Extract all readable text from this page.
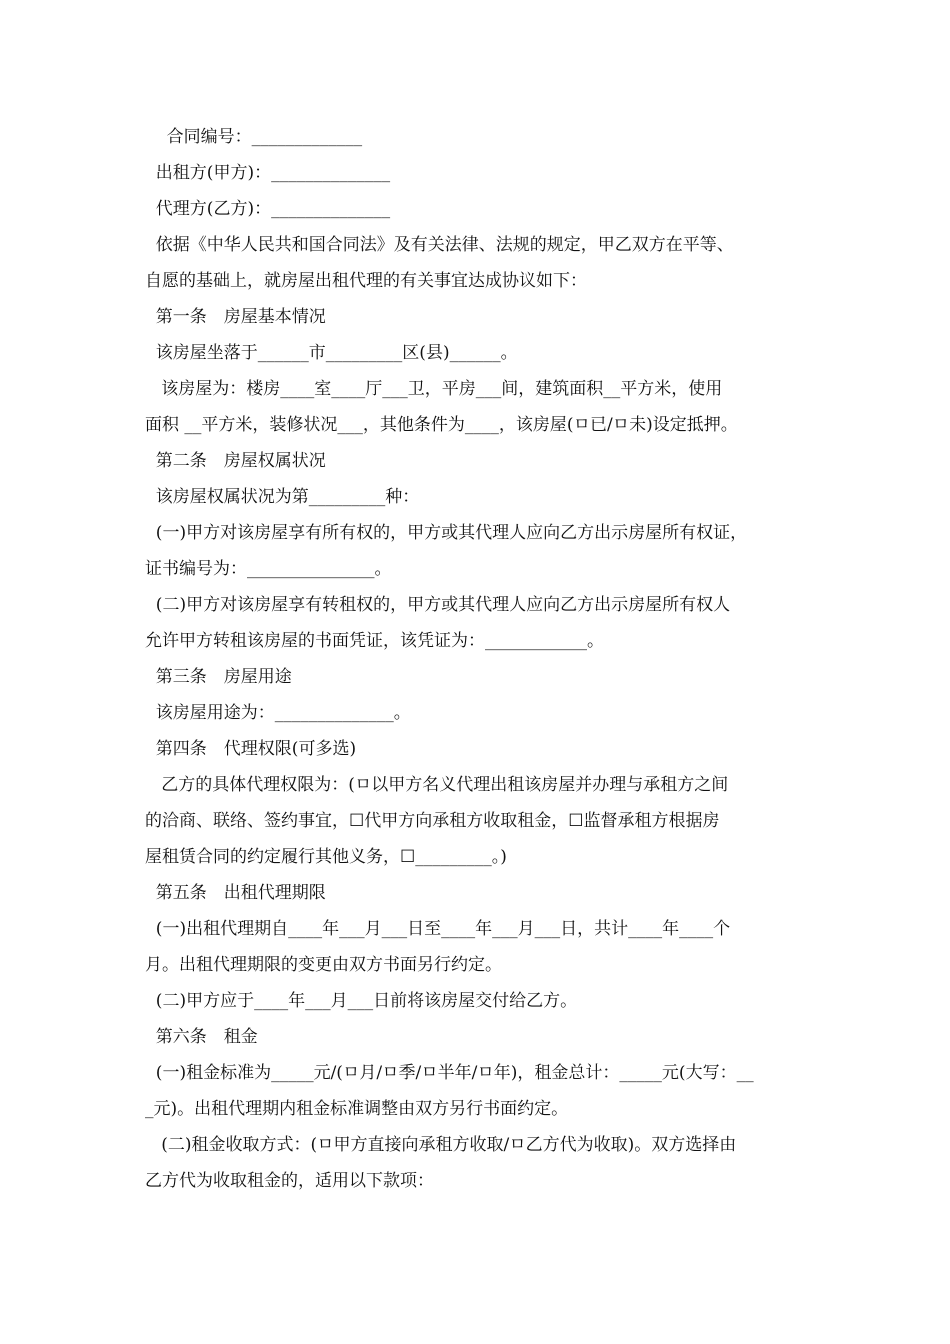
合同编号：_____________
出租方(甲方)：______________
代理方(乙方)：______________
依据《中华人民共和国合同法》及有关法律、法规的规定，甲乙双方在平等、
自愿的基础上，就房屋出租代理的有关事宜达成协议如下：
第一条　房屋基本情况
该房屋坐落于______市_________区(县)______。
该房屋为：楼房____室____厅___卫，平房___间，建筑面积__平方米，使用
面积 __平方米，装修状况___，其他条件为____，该房屋(ㅁ已/ㅁ未)设定抵押。
第二条　房屋权属状况
该房屋权属状况为第_________种：
(一)甲方对该房屋享有所有权的，甲方或其代理人应向乙方出示房屋所有权证，
证书编号为：_______________。
(二)甲方对该房屋享有转租权的，甲方或其代理人应向乙方出示房屋所有权人
允许甲方转租该房屋的书面凭证，该凭证为：____________。
第三条　房屋用途
该房屋用途为：______________。
第四条　代理权限(可多选)
乙方的具体代理权限为：(ㅁ以甲方名义代理出租该房屋并办理与承租方之间
的洽商、联络、签约事宜，☐代甲方向承租方收取租金，☐监督承租方根据房
屋租赁合同的约定履行其他义务，☐_________。)
第五条　出租代理期限
(一)出租代理期自____年___月___日至____年___月___日，共计____年____个
月。出租代理期限的变更由双方书面另行约定。
(二)甲方应于____年___月___日前将该房屋交付给乙方。
第六条　租金
(一)租金标准为_____元/(ㅁ月/ㅁ季/ㅁ半年/ㅁ年)，租金总计：_____元(大写：__
_元)。出租代理期内租金标准调整由双方另行书面约定。
(二)租金收取方式：(ㅁ甲方直接向承租方收取/ㅁ乙方代为收取)。双方选择由
乙方代为收取租金的，适用以下款项：
